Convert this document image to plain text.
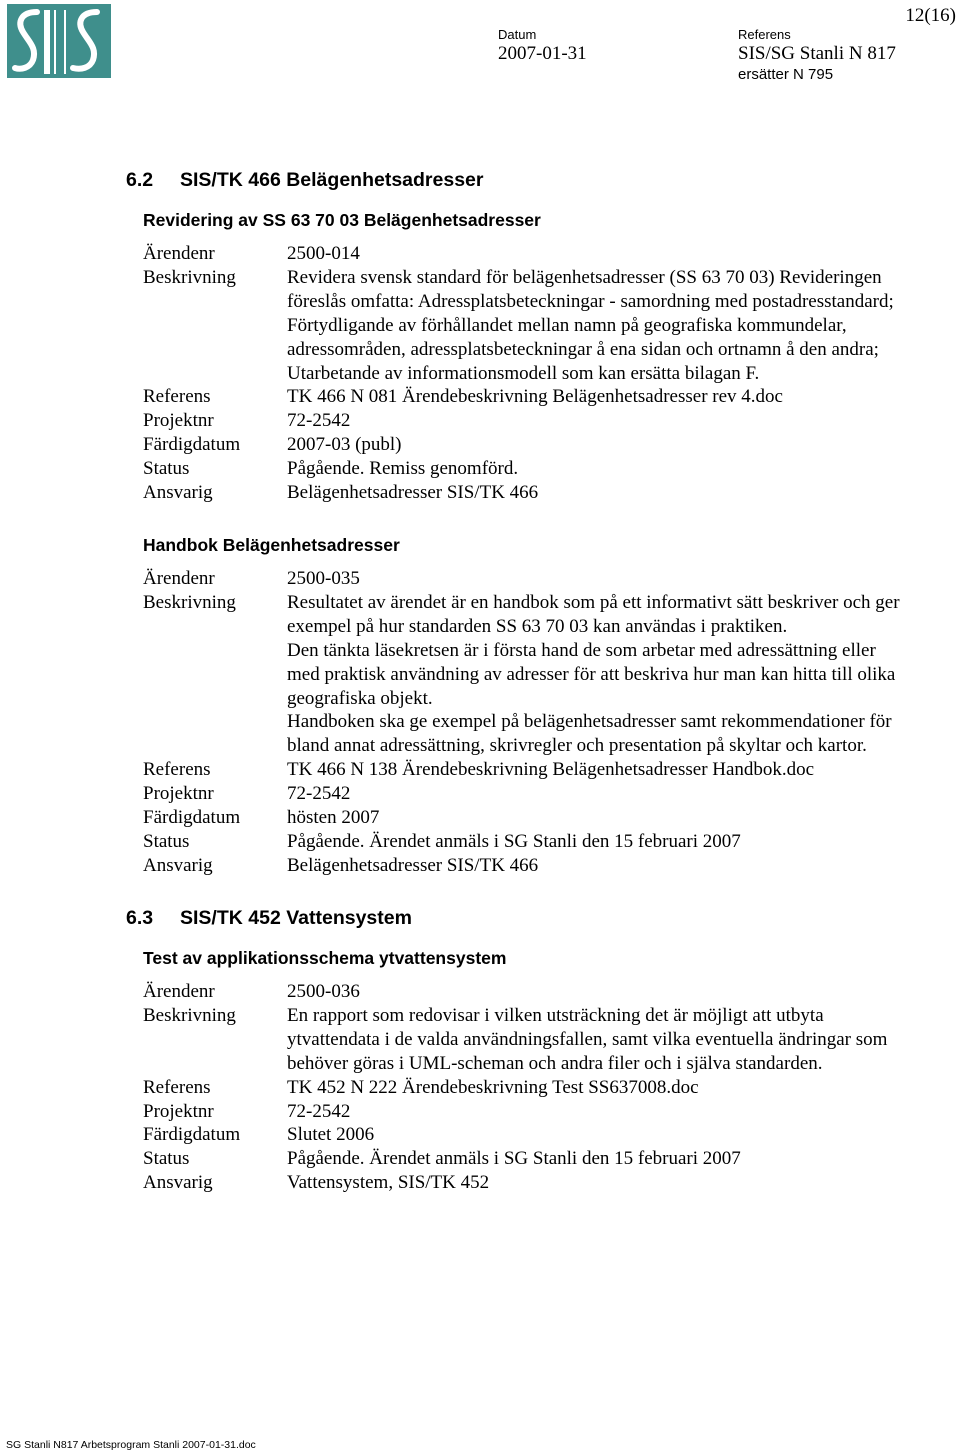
12(16)
Datum
2007-01-31
Referens
SIS/SG Stanli N 817
ersätter N 795
6.2 SIS/TK 466 Belägenhetsadresser
Revidering av SS 63 70 03 Belägenhetsadresser
Ärendenr	2500-014
Beskrivning	Revidera svensk standard för belägenhetsadresser (SS 63 70 03) Revideringen
föreslås omfatta: Adressplatsbeteckningar - samordning med postadresstandard;
Förtydligande av förhållandet mellan namn på geografiska kommundelar,
adressområden, adressplatsbeteckningar å ena sidan och ortnamn å den andra;
Utarbetande av informationsmodell som kan ersätta bilagan F.
Referens	TK 466 N 081 Ärendebeskrivning Belägenhetsadresser rev 4.doc
Projektnr	72-2542
Färdigdatum	2007-03 (publ)
Status	Pågående. Remiss genomförd.
Ansvarig	Belägenhetsadresser SIS/TK 466
Handbok Belägenhetsadresser
Ärendenr	2500-035
Beskrivning	Resultatet av ärendet är en handbok som på ett informativt sätt beskriver och ger
exempel på hur standarden SS 63 70 03 kan användas i praktiken.
Den tänkta läsekretsen är i första hand de som arbetar med adressättning eller
med praktisk användning av adresser för att beskriva hur man kan hitta till olika
geografiska objekt.
Handboken ska ge exempel på belägenhetsadresser samt rekommendationer för
bland annat adressättning, skrivregler och presentation på skyltar och kartor.
Referens	TK 466 N 138 Ärendebeskrivning Belägenhetsadresser Handbok.doc
Projektnr	72-2542
Färdigdatum	hösten 2007
Status	Pågående. Ärendet anmäls i SG Stanli den 15 februari 2007
Ansvarig	Belägenhetsadresser SIS/TK 466
6.3 SIS/TK 452 Vattensystem
Test av applikationsschema ytvattensystem
Ärendenr	2500-036
Beskrivning	En rapport som redovisar i vilken utsträckning det är möjligt att utbyta
ytvattendata i de valda användningsfallen, samt vilka eventuella ändringar som
behöver göras i UML-scheman och andra filer och i själva standarden.
Referens	TK 452 N 222 Ärendebeskrivning Test SS637008.doc
Projektnr	72-2542
Färdigdatum	Slutet 2006
Status	Pågående. Ärendet anmäls i SG Stanli den 15 februari 2007
Ansvarig	Vattensystem, SIS/TK 452
SG Stanli N817 Arbetsprogram Stanli 2007-01-31.doc
